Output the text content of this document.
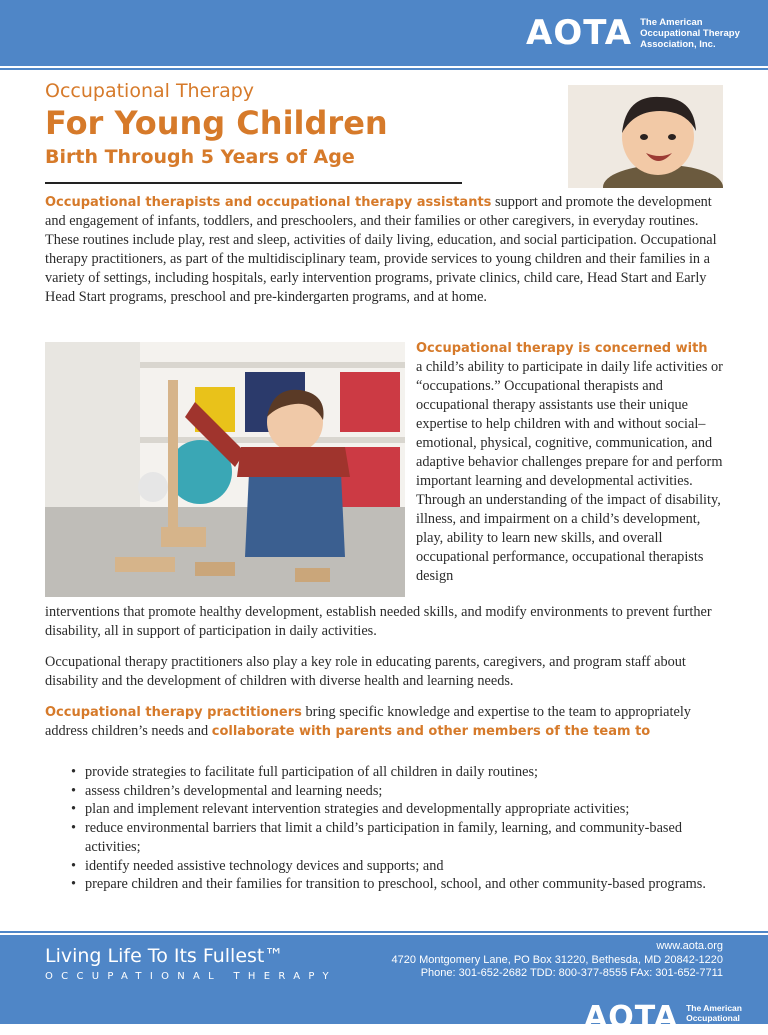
AOTA The American
Occupational Therapy
Association, Inc.
Occupational Therapy
For Young Children
Birth Through 5 Years of Age
Occupational therapists and occupational therapy assistants support and promote the development and engagement of infants, toddlers, and preschoolers, and their families or other caregivers, in everyday routines. These routines include play, rest and sleep, activities of daily living, education, and social participation. Occupational therapy practitioners, as part of the multidisciplinary team, provide services to young children and their families in a variety of settings, including hospitals, early intervention programs, private clinics, child care, Head Start and Early Head Start programs, preschool and pre-kindergarten programs, and at home.
Occupational therapy is concerned with
a child’s ability to participate in daily life activities or “occupations.” Occupational therapists and occupational therapy assistants use their unique expertise to help children with and without social–emotional, physical, cognitive, communication, and adaptive behavior challenges prepare for and perform important learning and developmental activities. Through an understanding of the impact of disability, illness, and impairment on a child’s development, play, ability to learn new skills, and overall occupational performance, occupational therapists design
interventions that promote healthy development, establish needed skills, and modify environments to prevent further disability, all in support of participation in daily activities.
Occupational therapy practitioners also play a key role in educating parents, caregivers, and program staff about disability and the development of children with diverse health and learning needs.
Occupational therapy practitioners bring specific knowledge and expertise to the team to appropriately address children’s needs and collaborate with parents and other members of the team to
• provide strategies to facilitate full participation of all children in daily routines;
• assess children’s developmental and learning needs;
• plan and implement relevant intervention strategies and developmentally appropriate activities;
• reduce environmental barriers that limit a child’s participation in family, learning, and community-based activities;
• identify needed assistive technology devices and supports; and
• prepare children and their families for transition to preschool, school, and other community-based programs.
Living Life To Its Fullest™
OCCUPATIONAL THERAPY
www.aota.org
4720 Montgomery Lane, PO Box 31220, Bethesda, MD 20842-1220
Phone: 301-652-2682 TDD: 800-377-8555 FAx: 301-652-7711
AOTA The American
Occupational Therapy
